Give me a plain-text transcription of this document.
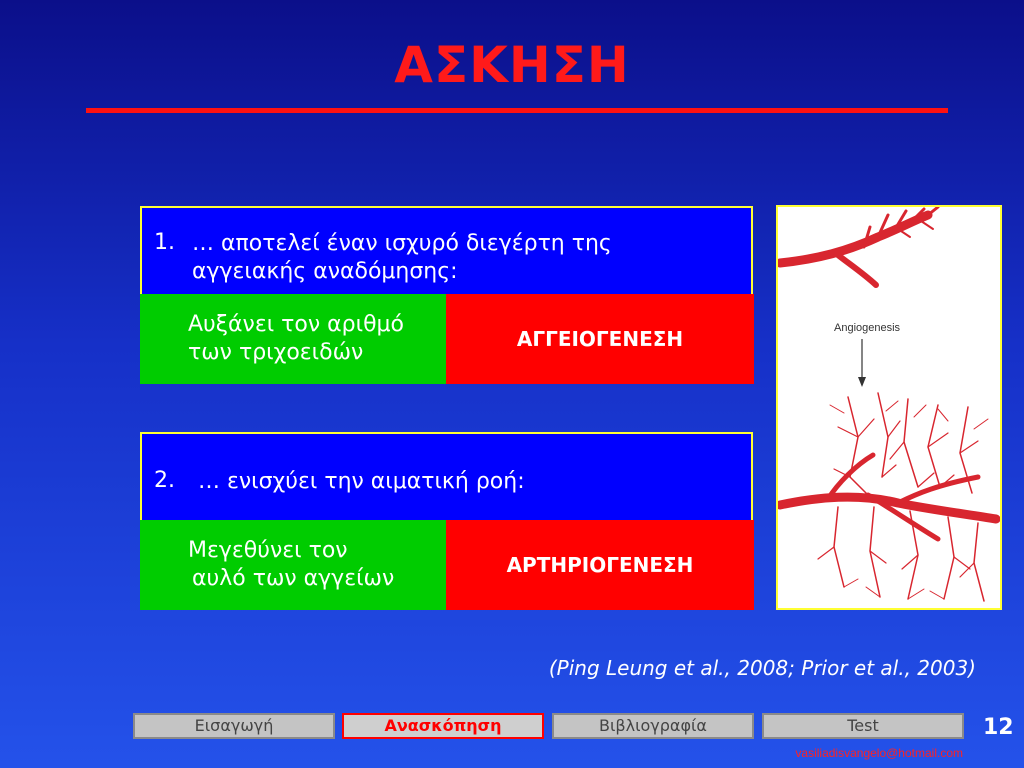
ΑΣΚΗΣΗ
1. … αποτελεί έναν ισχυρό διεγέρτη της
αγγειακής αναδόμησης:
Αυξάνει τον αριθμό
των τριχοειδών
ΑΓΓΕΙΟΓΕΝΕΣΗ
2. … ενισχύει την αιματική ροή:
Μεγεθύνει τον
αυλό των αγγείων
ΑΡΤΗΡΙΟΓΕΝΕΣΗ
Angiogenesis
(Ping Leung et al., 2008; Prior et al., 2003)
Εισαγωγή	Ανασκόπηση	Βιβλιογραφία	Test	12
vasiliadisvangelo@hotmail.com
